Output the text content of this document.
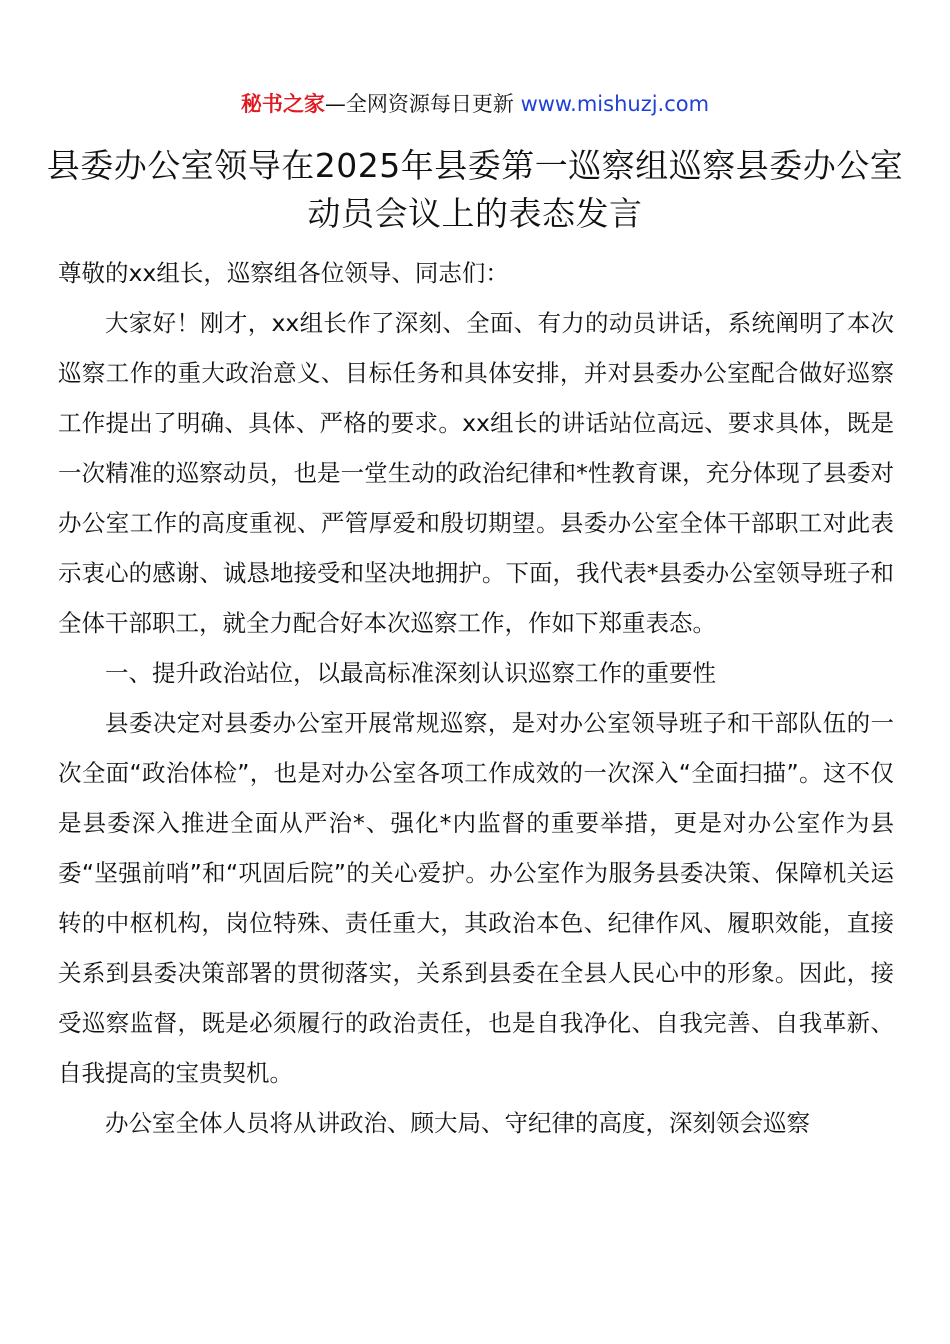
秘书之家—全网资源每日更新 www.mishuzj.com
县委办公室领导在2025年县委第一巡察组巡察县委办公室动员会议上的表态发言

尊敬的xx组长，巡察组各位领导、同志们：

大家好！刚才，xx组长作了深刻、全面、有力的动员讲话，系统阐明了本次巡察工作的重大政治意义、目标任务和具体安排，并对县委办公室配合做好巡察工作提出了明确、具体、严格的要求。xx组长的讲话站位高远、要求具体，既是一次精准的巡察动员，也是一堂生动的政治纪律和*性教育课，充分体现了县委对办公室工作的高度重视、严管厚爱和殷切期望。县委办公室全体干部职工对此表示衷心的感谢、诚恳地接受和坚决地拥护。下面，我代表*县委办公室领导班子和全体干部职工，就全力配合好本次巡察工作，作如下郑重表态。

一、提升政治站位，以最高标准深刻认识巡察工作的重要性

县委决定对县委办公室开展常规巡察，是对办公室领导班子和干部队伍的一次全面“政治体检”，也是对办公室各项工作成效的一次深入“全面扫描”。这不仅是县委深入推进全面从严治*、强化*内监督的重要举措，更是对办公室作为县委“坚强前哨”和“巩固后院”的关心爱护。办公室作为服务县委决策、保障机关运转的中枢机构，岗位特殊、责任重大，其政治本色、纪律作风、履职效能，直接关系到县委决策部署的贯彻落实，关系到县委在全县人民心中的形象。因此，接受巡察监督，既是必须履行的政治责任，也是自我净化、自我完善、自我革新、自我提高的宝贵契机。

办公室全体人员将从讲政治、顾大局、守纪律的高度，深刻领会巡察
